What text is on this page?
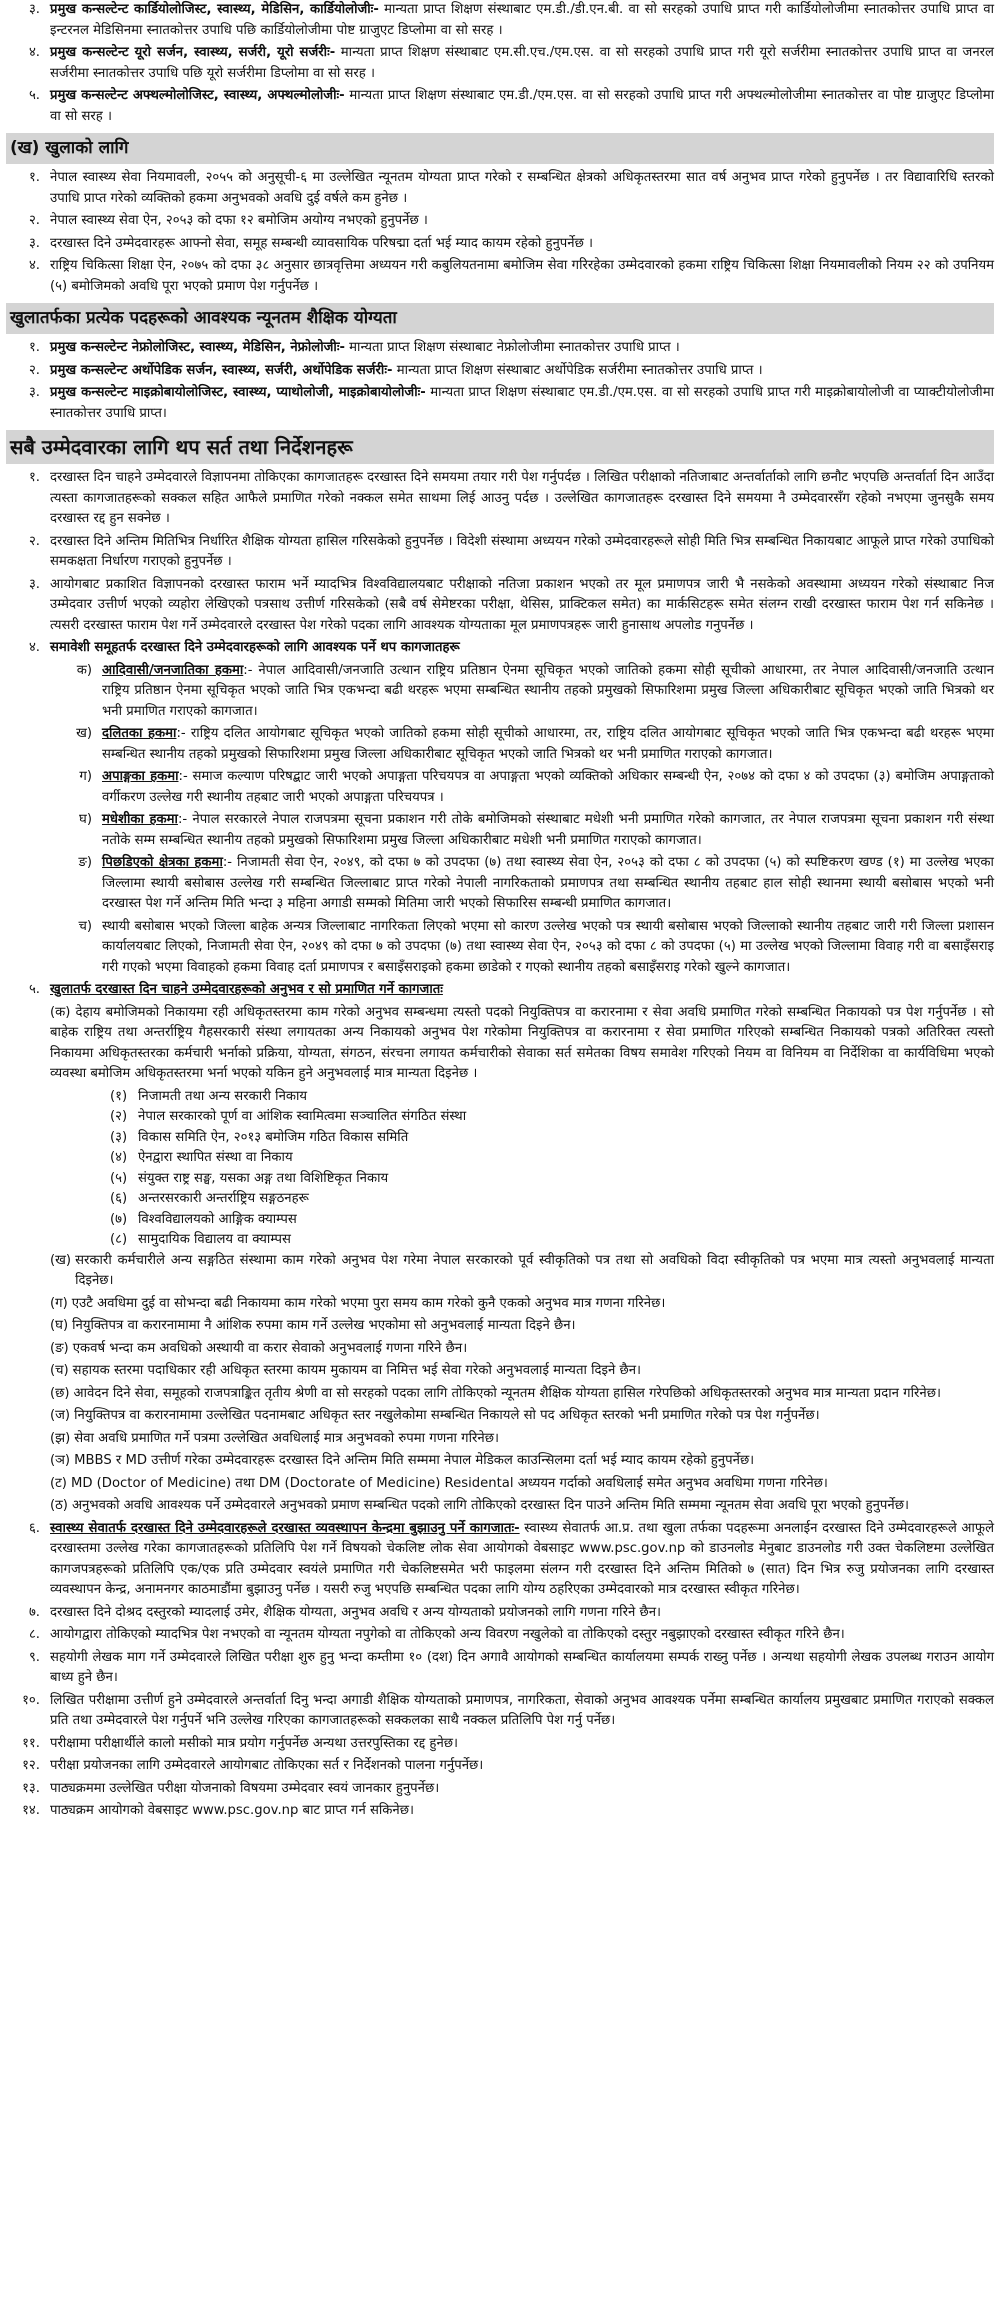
३. प्रमुख कन्सल्टेन्ट कार्डियोलोजिस्ट, स्वास्थ्य, मेडिसिन, कार्डियोलोजीः- मान्यता प्राप्त शिक्षण संस्थाबाट एम.डी./डी.एन.बी. वा सो सरहको उपाधि प्राप्त गरी कार्डियोलोजीमा स्नातकोत्तर उपाधि प्राप्त वा इन्टरनल मेडिसिनमा स्नातकोत्तर उपाधि पछि कार्डियोलोजीमा पोष्ट ग्राजुएट डिप्लोमा वा सो सरह ।
४. प्रमुख कन्सल्टेन्ट यूरो सर्जन, स्वास्थ्य, सर्जरी, यूरो सर्जरीः- मान्यता प्राप्त शिक्षण संस्थाबाट एम.सी.एच./एम.एस. वा सो सरहको उपाधि प्राप्त गरी यूरो सर्जरीमा स्नातकोत्तर उपाधि प्राप्त वा जनरल सर्जरीमा स्नातकोत्तर उपाधि पछि यूरो सर्जरीमा डिप्लोमा वा सो सरह ।
५. प्रमुख कन्सल्टेन्ट अफ्थल्मोलोजिस्ट, स्वास्थ्य, अफ्थल्मोलोजीः- मान्यता प्राप्त शिक्षण संस्थाबाट एम.डी./एम.एस. वा सो सरहको उपाधि प्राप्त गरी अफ्थल्मोलोजीमा स्नातकोत्तर वा पोष्ट ग्राजुएट डिप्लोमा वा सो सरह ।
(ख) खुलाको लागि
१. नेपाल स्वास्थ्य सेवा नियमावली, २०५५ को अनुसूची-६ मा उल्लेखित न्यूनतम योग्यता प्राप्त गरेको र सम्बन्धित क्षेत्रको अधिकृतस्तरमा सात वर्ष अनुभव प्राप्त गरेको हुनुपर्नेछ । तर विद्यावारिधि स्तरको उपाधि प्राप्त गरेको व्यक्तिको हकमा अनुभवको अवधि दुई वर्षले कम हुनेछ ।
२. नेपाल स्वास्थ्य सेवा ऐन, २०५३ को दफा १२ बमोजिम अयोग्य नभएको हुनुपर्नेछ ।
३. दरखास्त दिने उम्मेदवारहरू आफ्नो सेवा, समूह सम्बन्धी व्यावसायिक परिषद्मा दर्ता भई म्याद कायम रहेको हुनुपर्नेछ ।
४. राष्ट्रिय चिकित्सा शिक्षा ऐन, २०७५ को दफा ३८ अनुसार छात्रवृत्तिमा अध्ययन गरी कबुलियतनामा बमोजिम सेवा गरिरहेका उम्मेदवारको हकमा राष्ट्रिय चिकित्सा शिक्षा नियमावलीको नियम २२ को उपनियम (५) बमोजिमको अवधि पूरा भएको प्रमाण पेश गर्नुपर्नेछ ।
खुलातर्फका प्रत्येक पदहरूको आवश्यक न्यूनतम शैक्षिक योग्यता
१. प्रमुख कन्सल्टेन्ट नेफ्रोलोजिस्ट, स्वास्थ्य, मेडिसिन, नेफ्रोलोजीः- मान्यता प्राप्त शिक्षण संस्थाबाट नेफ्रोलोजीमा स्नातकोत्तर उपाधि प्राप्त ।
२. प्रमुख कन्सल्टेन्ट अर्थोपेडिक सर्जन, स्वास्थ्य, सर्जरी, अर्थोपेडिक सर्जरीः- मान्यता प्राप्त शिक्षण संस्थाबाट अर्थोपेडिक सर्जरीमा स्नातकोत्तर उपाधि प्राप्त ।
३. प्रमुख कन्सल्टेन्ट माइक्रोबायोलोजिस्ट, स्वास्थ्य, प्याथोलोजी, माइक्रोबायोलोजीः- मान्यता प्राप्त शिक्षण संस्थाबाट एम.डी./एम.एस. वा सो सरहको उपाधि प्राप्त गरी माइक्रोबायोलोजी वा प्याक्टीयोलोजीमा स्नातकोत्तर उपाधि प्राप्त।
सबै उम्मेदवारका लागि थप सर्त तथा निर्देशनहरू
१. दरखास्त दिन चाहने उम्मेदवारले विज्ञापनमा तोकिएका कागजातहरू दरखास्त दिने समयमा तयार गरी पेश गर्नुपर्दछ । लिखित परीक्षाको नतिजाबाट अन्तर्वार्ताको लागि छनौट भएपछि अन्तर्वार्ता दिन आउँदा त्यस्ता कागजातहरूको सक्कल सहित आफैले प्रमाणित गरेको नक्कल समेत साथमा लिई आउनु पर्दछ । उल्लेखित कागजातहरू दरखास्त दिने समयमा नै उम्मेदवारसँग रहेको नभएमा जुनसुकै समय दरखास्त रद्द हुन सक्नेछ ।
२. दरखास्त दिने अन्तिम मितिभित्र निर्धारित शैक्षिक योग्यता हासिल गरिसकेको हुनुपर्नेछ । विदेशी संस्थामा अध्ययन गरेको उम्मेदवारहरूले सोही मिति भित्र सम्बन्धित निकायबाट आफूले प्राप्त गरेको उपाधिको समकक्षता निर्धारण गराएको हुनुपर्नेछ ।
३. आयोगबाट प्रकाशित विज्ञापनको दरखास्त फाराम भर्ने म्यादभित्र विश्वविद्यालयबाट परीक्षाको नतिजा प्रकाशन भएको तर मूल प्रमाणपत्र जारी भै नसकेको अवस्थामा अध्ययन गरेको संस्थाबाट निज उम्मेदवार उत्तीर्ण भएको व्यहोरा लेखिएको पत्रसाथ उत्तीर्ण गरिसकेको (सबै वर्ष सेमेष्टरका परीक्षा, थेसिस, प्राक्टिकल समेत) का मार्कसिटहरू समेत संलग्न राखी दरखास्त फाराम पेश गर्न सकिनेछ । त्यसरी दरखास्त फाराम पेश गर्ने उम्मेदवारले दरखास्त पेश गरेको पदका लागि आवश्यक योग्यताका मूल प्रमाणपत्रहरू जारी हुनासाथ अपलोड गनुपर्नेछ ।
४. समावेशी समूहतर्फ दरखास्त दिने उम्मेदवारहरूको लागि आवश्यक पर्ने थप कागजातहरू
क) आदिवासी/जनजातिका हकमा:- नेपाल आदिवासी/जनजाति उत्थान राष्ट्रिय प्रतिष्ठान ऐनमा सूचिकृत भएको जातिको हकमा सोही सूचीको आधारमा, तर नेपाल आदिवासी/जनजाति उत्थान राष्ट्रिय प्रतिष्ठान ऐनमा सूचिकृत भएको जाति भित्र एकभन्दा बढी थरहरू भएमा सम्बन्धित स्थानीय तहको प्रमुखको सिफारिशमा प्रमुख जिल्ला अधिकारीबाट सूचिकृत भएको जाति भित्रको थर भनी प्रमाणित गराएको कागजात।
ख) दलितका हकमा:- राष्ट्रिय दलित आयोगबाट सूचिकृत भएको जातिको हकमा सोही सूचीको आधारमा, तर, राष्ट्रिय दलित आयोगबाट सूचिकृत भएको जाति भित्र एकभन्दा बढी थरहरू भएमा सम्बन्धित स्थानीय तहको प्रमुखको सिफारिशमा प्रमुख जिल्ला अधिकारीबाट सूचिकृत भएको जाति भित्रको थर भनी प्रमाणित गराएको कागजात।
ग) अपाङ्गका हकमा:- समाज कल्याण परिषद्बाट जारी भएको अपाङ्गता परिचयपत्र वा अपाङ्गता भएको व्यक्तिको अधिकार सम्बन्धी ऐन, २०७४ को दफा ४ को उपदफा (३) बमोजिम अपाङ्गताको वर्गीकरण उल्लेख गरी स्थानीय तहबाट जारी भएको अपाङ्गता परिचयपत्र ।
घ) मधेशीका हकमा:- नेपाल सरकारले नेपाल राजपत्रमा सूचना प्रकाशन गरी तोके बमोजिमको संस्थाबाट मधेशी भनी प्रमाणित गरेको कागजात, तर नेपाल राजपत्रमा सूचना प्रकाशन गरी संस्था नतोके सम्म सम्बन्धित स्थानीय तहको प्रमुखको सिफारिशमा प्रमुख जिल्ला अधिकारीबाट मधेशी भनी प्रमाणित गराएको कागजात।
ङ) पिछडिएको क्षेत्रका हकमा:- निजामती सेवा ऐन, २०४९, को दफा ७ को उपदफा (७) तथा स्वास्थ्य सेवा ऐन, २०५३ को दफा ८ को उपदफा (५) को स्पष्टिकरण खण्ड (१) मा उल्लेख भएका जिल्लामा स्थायी बसोबास उल्लेख गरी सम्बन्धित जिल्लाबाट प्राप्त गरेको नेपाली नागरिकताको प्रमाणपत्र तथा सम्बन्धित स्थानीय तहबाट हाल सोही स्थानमा स्थायी बसोबास भएको भनी दरखास्त पेश गर्ने अन्तिम मिति भन्दा ३ महिना अगाडी सम्मको मितिमा जारी भएको सिफारिस सम्बन्धी प्रमाणित कागजात।
च) स्थायी बसोबास भएको जिल्ला बाहेक अन्यत्र जिल्लाबाट नागरिकता लिएको भएमा सो कारण उल्लेख भएको पत्र स्थायी बसोबास भएको जिल्लाको स्थानीय तहबाट जारी गरी जिल्ला प्रशासन कार्यालयबाट लिएको, निजामती सेवा ऐन, २०४९ को दफा ७ को उपदफा (७) तथा स्वास्थ्य सेवा ऐन, २०५३ को दफा ८ को उपदफा (५) मा उल्लेख भएको जिल्लामा विवाह गरी वा बसाइँसराइ गरी गएको भएमा विवाहको हकमा विवाह दर्ता प्रमाणपत्र र बसाइँसराइको हकमा छाडेको र गएको स्थानीय तहको बसाइँसराइ गरेको खुल्ने कागजात।
५. खुलातर्फ दरखास्त दिन चाहने उम्मेदवारहरूको अनुभव र सो प्रमाणित गर्ने कागजातः
(क) देहाय बमोजिमको निकायमा रही अधिकृतस्तरमा काम गरेको अनुभव सम्बन्धमा त्यस्तो पदको नियुक्तिपत्र वा करारनामा र सेवा अवधि प्रमाणित गरेको सम्बन्धित निकायको पत्र पेश गर्नुपर्नेछ । सो बाहेक राष्ट्रिय तथा अन्तर्राष्ट्रिय गैहसरकारी संस्था लगायतका अन्य निकायको अनुभव पेश गरेकोमा नियुक्तिपत्र वा करारनामा र सेवा प्रमाणित गरिएको सम्बन्धित निकायको पत्रको अतिरिक्त त्यस्तो निकायमा अधिकृतस्तरका कर्मचारी भर्नाको प्रक्रिया, योग्यता, संगठन, संरचना लगायत कर्मचारीको सेवाका सर्त समेतका विषय समावेश गरिएको नियम वा विनियम वा निर्देशिका वा कार्यविधिमा भएको व्यवस्था बमोजिम अधिकृतस्तरमा भर्ना भएको यकिन हुने अनुभवलाई मात्र मान्यता दिइनेछ ।
(१) निजामती तथा अन्य सरकारी निकाय
(२) नेपाल सरकारको पूर्ण वा आंशिक स्वामित्वमा सञ्चालित संगठित संस्था
(३) विकास समिति ऐन, २०१३ बमोजिम गठित विकास समिति
(४) ऐनद्वारा स्थापित संस्था वा निकाय
(५) संयुक्त राष्ट्र सङ्घ, यसका अङ्ग तथा विशिष्टिकृत निकाय
(६) अन्तरसरकारी अन्तर्राष्ट्रिय सङ्गठनहरू
(७) विश्वविद्यालयको आङ्गिक क्याम्पस
(८) सामुदायिक विद्यालय वा क्याम्पस
(ख) सरकारी कर्मचारीले अन्य सङ्गठित संस्थामा काम गरेको अनुभव पेश गरेमा नेपाल सरकारको पूर्व स्वीकृतिको पत्र तथा सो अवधिको विदा स्वीकृतिको पत्र भएमा मात्र त्यस्तो अनुभवलाई मान्यता दिइनेछ।
(ग) एउटै अवधिमा दुई वा सोभन्दा बढी निकायमा काम गरेको भएमा पुरा समय काम गरेको कुनै एकको अनुभव मात्र गणना गरिनेछ।
(घ) नियुक्तिपत्र वा करारनामामा नै आंशिक रुपमा काम गर्ने उल्लेख भएकोमा सो अनुभवलाई मान्यता दिइने छैन।
(ङ) एकवर्ष भन्दा कम अवधिको अस्थायी वा करार सेवाको अनुभवलाई गणना गरिने छैन।
(च) सहायक स्तरमा पदाधिकार रही अधिकृत स्तरमा कायम मुकायम वा निमित्त भई सेवा गरेको अनुभवलाई मान्यता दिइने छैन।
(छ) आवेदन दिने सेवा, समूहको राजपत्राङ्कित तृतीय श्रेणी वा सो सरहको पदका लागि तोकिएको न्यूनतम शैक्षिक योग्यता हासिल गरेपछिको अधिकृतस्तरको अनुभव मात्र मान्यता प्रदान गरिनेछ।
(ज) नियुक्तिपत्र वा करारनामामा उल्लेखित पदनामबाट अधिकृत स्तर नखुलेकोमा सम्बन्धित निकायले सो पद अधिकृत स्तरको भनी प्रमाणित गरेको पत्र पेश गर्नुपर्नेछ।
(झ) सेवा अवधि प्रमाणित गर्ने पत्रमा उल्लेखित अवधिलाई मात्र अनुभवको रुपमा गणना गरिनेछ।
(ञ) MBBS र MD उत्तीर्ण गरेका उम्मेदवारहरू दरखास्त दिने अन्तिम मिति सम्ममा नेपाल मेडिकल काउन्सिलमा दर्ता भई म्याद कायम रहेको हुनुपर्नेछ।
(ट) MD (Doctor of Medicine) तथा DM (Doctorate of Medicine) Residental अध्ययन गर्दाको अवधिलाई समेत अनुभव अवधिमा गणना गरिनेछ।
(ठ) अनुभवको अवधि आवश्यक पर्ने उम्मेदवारले अनुभवको प्रमाण सम्बन्धित पदको लागि तोकिएको दरखास्त दिन पाउने अन्तिम मिति सम्ममा न्यूनतम सेवा अवधि पूरा भएको हुनुपर्नेछ।
६. स्वास्थ्य सेवातर्फ दरखास्त दिने उम्मेदवारहरूले दरखास्त व्यवस्थापन केन्द्रमा बुझाउनु पर्ने कागजातः- स्वास्थ्य सेवातर्फ आ.प्र. तथा खुला तर्फका पदहरूमा अनलाईन दरखास्त दिने उम्मेदवारहरूले आफूले दरखास्तमा उल्लेख गरेका कागजातहरूको प्रतिलिपि पेश गर्ने विषयको चेकलिष्ट लोक सेवा आयोगको वेबसाइट www.psc.gov.np को डाउनलोड मेनुबाट डाउनलोड गरी उक्त चेकलिष्टमा उल्लेखित कागजपत्रहरूको प्रतिलिपि एक/एक प्रति उम्मेदवार स्वयंले प्रमाणित गरी चेकलिष्टसमेत भरी फाइलमा संलग्न गरी दरखास्त दिने अन्तिम मितिको ७ (सात) दिन भित्र रुजु प्रयोजनका लागि दरखास्त व्यवस्थापन केन्द्र, अनामनगर काठमाडौंमा बुझाउनु पर्नेछ । यसरी रुजु भएपछि सम्बन्धित पदका लागि योग्य ठहरिएका उम्मेदवारको मात्र दरखास्त स्वीकृत गरिनेछ।
७. दरखास्त दिने दोश्रद दस्तुरको म्यादलाई उमेर, शैक्षिक योग्यता, अनुभव अवधि र अन्य योग्यताको प्रयोजनको लागि गणना गरिने छैन।
८. आयोगद्वारा तोकिएको म्यादभित्र पेश नभएको वा न्यूनतम योग्यता नपुगेको वा तोकिएको अन्य विवरण नखुलेको वा तोकिएको दस्तुर नबुझाएको दरखास्त स्वीकृत गरिने छैन।
९. सहयोगी लेखक माग गर्ने उम्मेदवारले लिखित परीक्षा शुरु हुनु भन्दा कम्तीमा १० (दश) दिन अगावै आयोगको सम्बन्धित कार्यालयमा सम्पर्क राख्नु पर्नेछ । अन्यथा सहयोगी लेखक उपलब्ध गराउन आयोग बाध्य हुने छैन।
१०. लिखित परीक्षामा उत्तीर्ण हुने उम्मेदवारले अन्तर्वार्ता दिनु भन्दा अगाडी शैक्षिक योग्यताको प्रमाणपत्र, नागरिकता, सेवाको अनुभव आवश्यक पर्नेमा सम्बन्धित कार्यालय प्रमुखबाट प्रमाणित गराएको सक्कल प्रति तथा उम्मेदवारले पेश गर्नुपर्ने भनि उल्लेख गरिएका कागजातहरूको सक्कलका साथै नक्कल प्रतिलिपि पेश गर्नु पर्नेछ।
११. परीक्षामा परीक्षार्थीले कालो मसीको मात्र प्रयोग गर्नुपर्नेछ अन्यथा उत्तरपुस्तिका रद्द हुनेछ।
१२. परीक्षा प्रयोजनका लागि उम्मेदवारले आयोगबाट तोकिएका सर्त र निर्देशनको पालना गर्नुपर्नेछ।
१३. पाठ्यक्रममा उल्लेखित परीक्षा योजनाको विषयमा उम्मेदवार स्वयं जानकार हुनुपर्नेछ।
१४. पाठ्यक्रम आयोगको वेबसाइट www.psc.gov.np बाट प्राप्त गर्न सकिनेछ।
